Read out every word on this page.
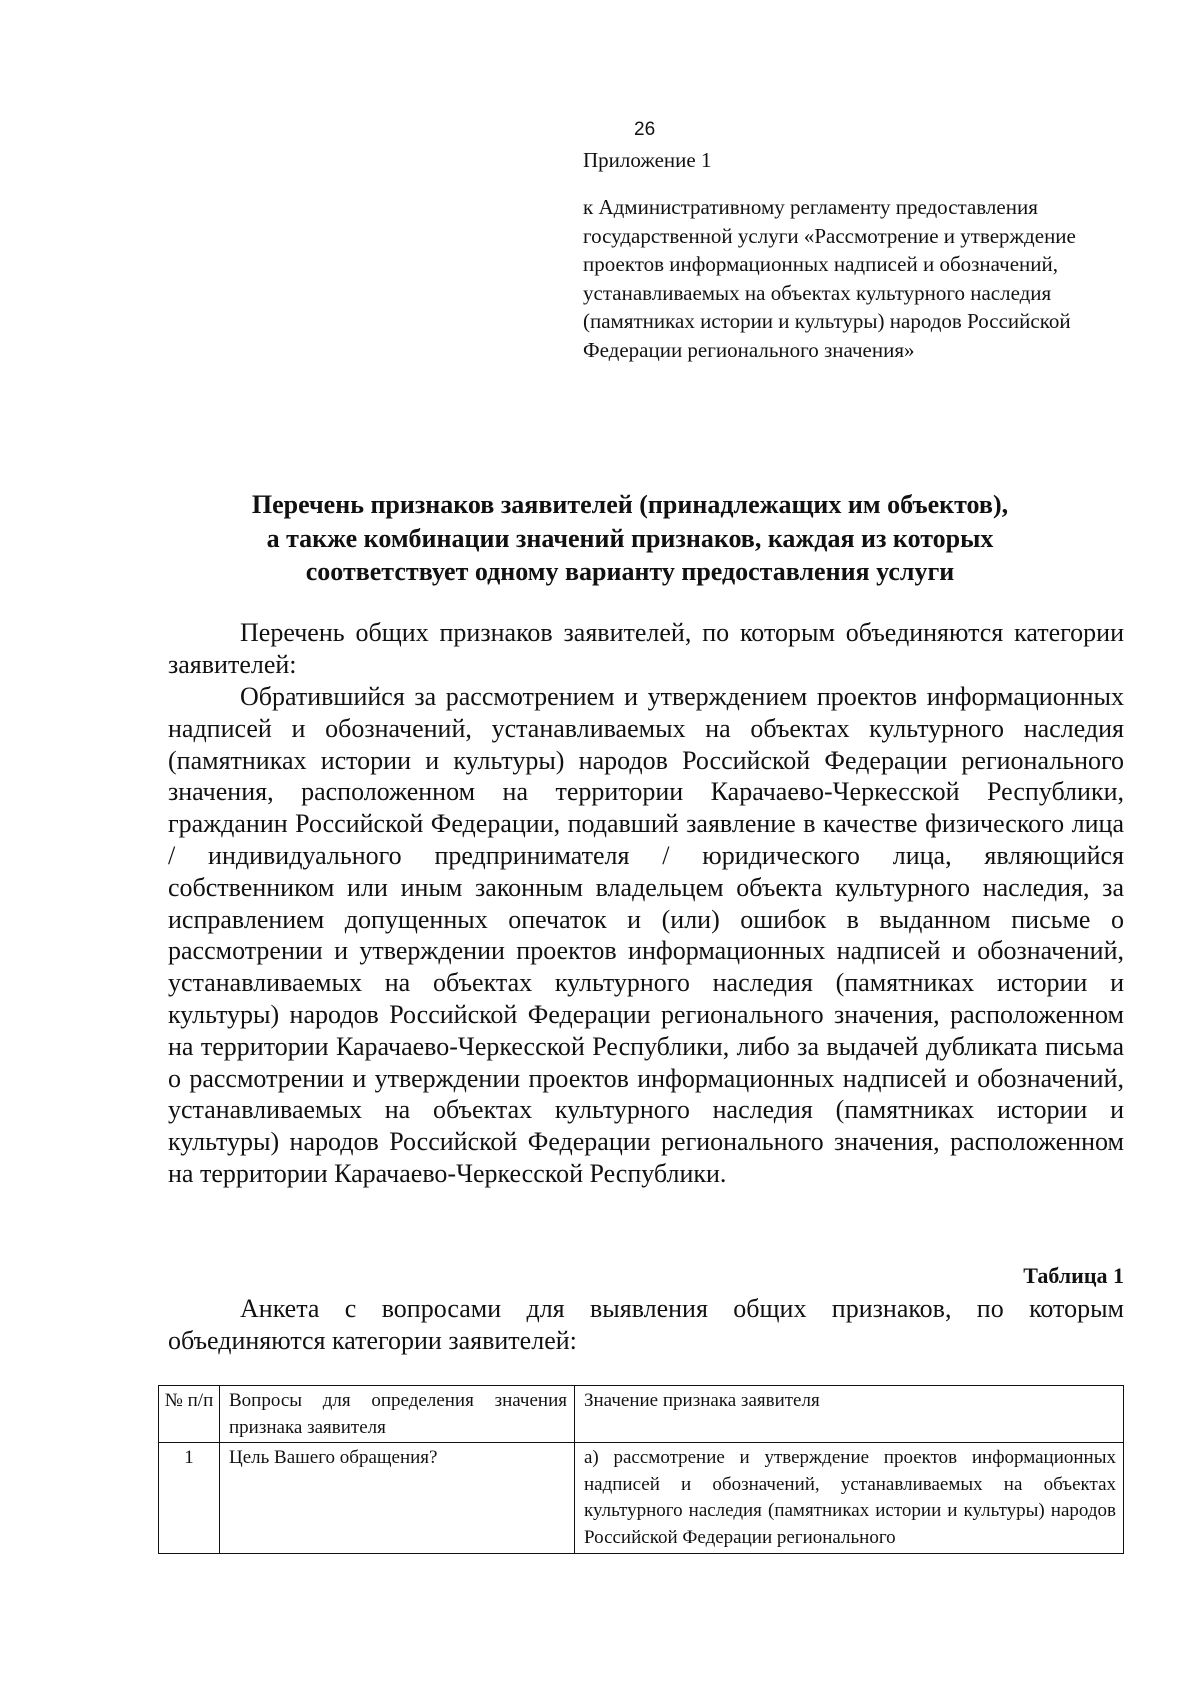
26
Приложение 1
к Административному регламенту предоставления государственной услуги «Рассмотрение и утверждение проектов информационных надписей и обозначений, устанавливаемых на объектах культурного наследия (памятниках истории и культуры) народов Российской Федерации регионального значения»
Перечень признаков заявителей (принадлежащих им объектов),
а также комбинации значений признаков, каждая из которых
соответствует одному варианту предоставления услуги
Перечень общих признаков заявителей, по которым объединяются категории заявителей:
Обратившийся за рассмотрением и утверждением проектов информационных надписей и обозначений, устанавливаемых на объектах культурного наследия (памятниках истории и культуры) народов Российской Федерации регионального значения, расположенном на территории Карачаево-Черкесской Республики, гражданин Российской Федерации, подавший заявление в качестве физического лица / индивидуального предпринимателя / юридического лица, являющийся собственником или иным законным владельцем объекта культурного наследия, за исправлением допущенных опечаток и (или) ошибок в выданном письме о рассмотрении и утверждении проектов информационных надписей и обозначений, устанавливаемых на объектах культурного наследия (памятниках истории и культуры) народов Российской Федерации регионального значения, расположенном на территории Карачаево-Черкесской Республики, либо за выдачей дубликата письма о рассмотрении и утверждении проектов информационных надписей и обозначений, устанавливаемых на объектах культурного наследия (памятниках истории и культуры) народов Российской Федерации регионального значения, расположенном на территории Карачаево-Черкесской Республики.
Таблица 1
Анкета с вопросами для выявления общих признаков, по которым объединяются категории заявителей:
№ п/п	Вопросы для определения значения признака заявителя	Значение признака заявителя
1	Цель Вашего обращения?	а) рассмотрение и утверждение проектов информационных надписей и обозначений, устанавливаемых на объектах культурного наследия (памятниках истории и культуры) народов Российской Федерации регионального
